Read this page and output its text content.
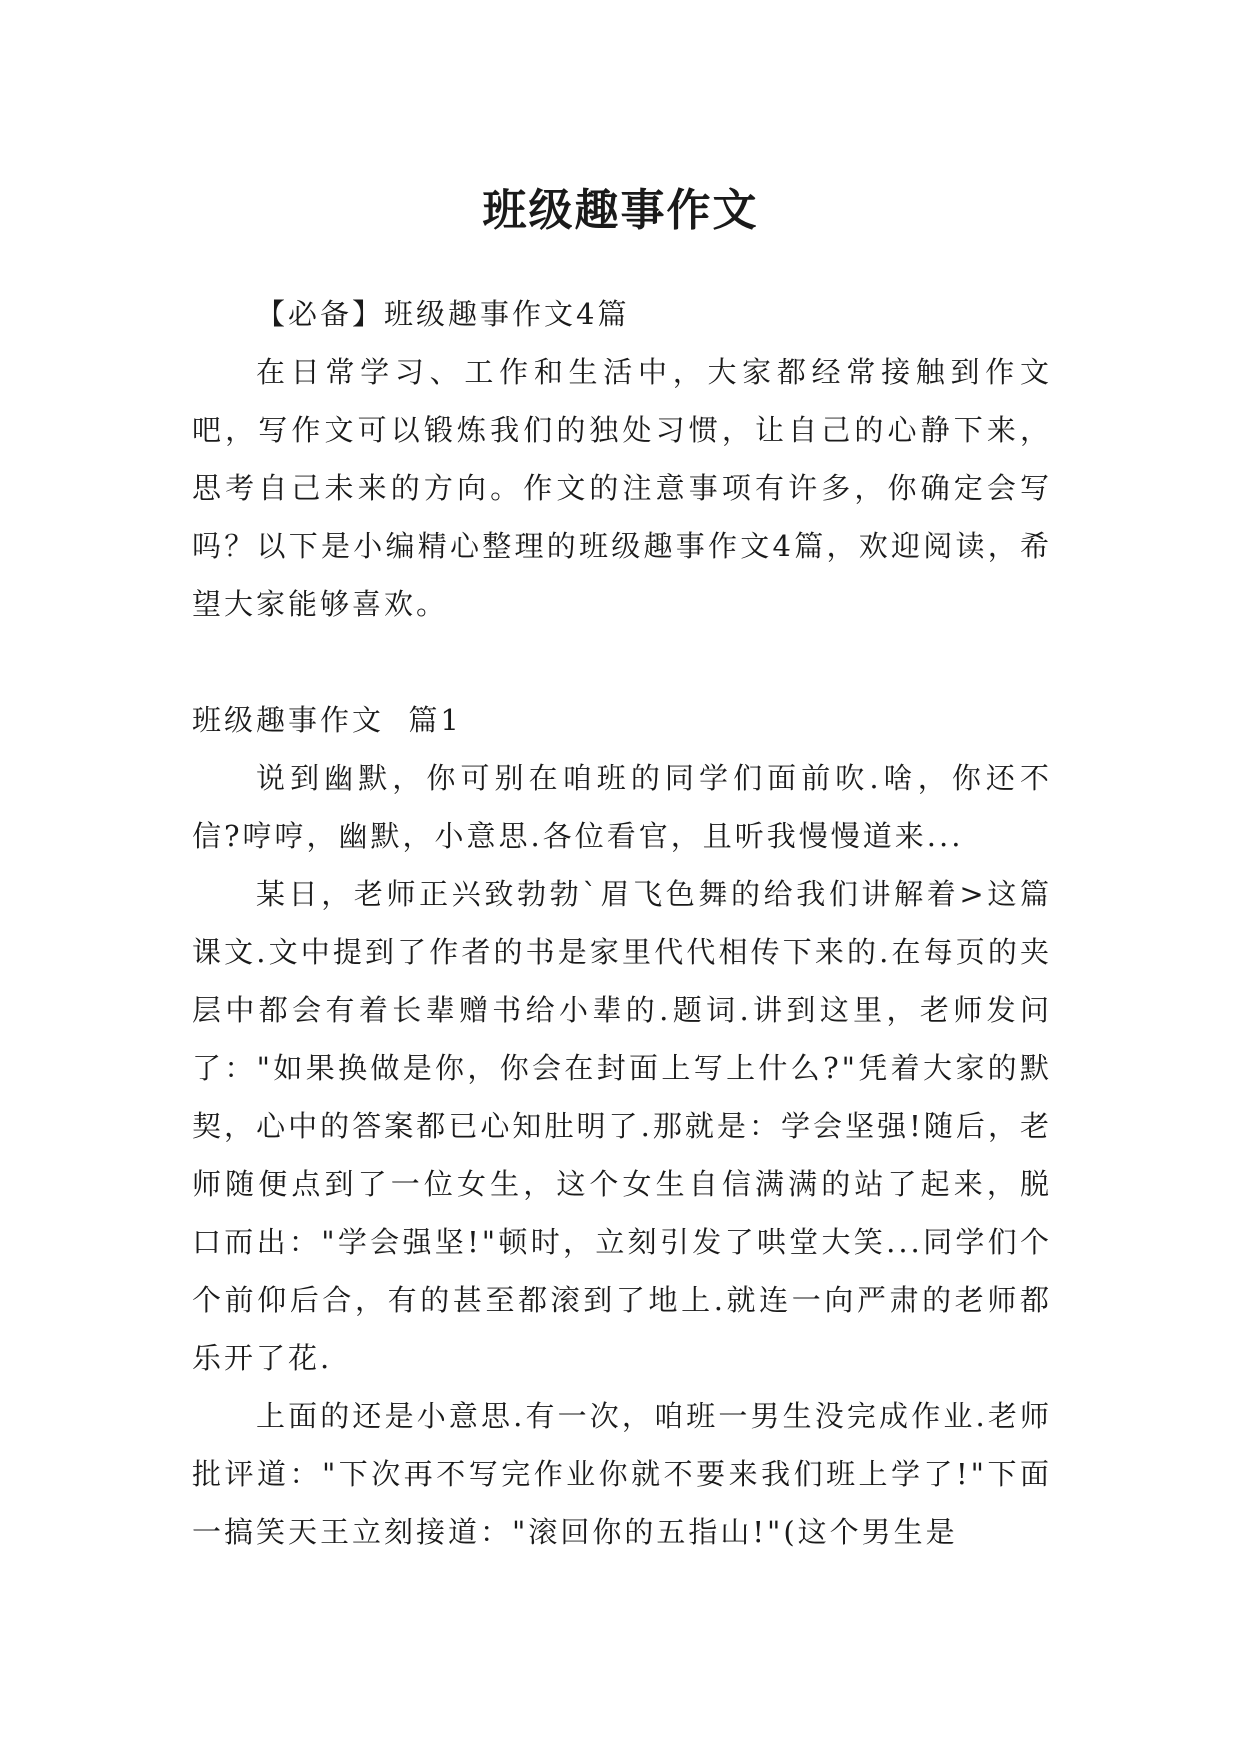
班级趣事作文

【必备】班级趣事作文4篇

在日常学习、工作和生活中，大家都经常接触到作文吧，写作文可以锻炼我们的独处习惯，让自己的心静下来，思考自己未来的方向。作文的注意事项有许多，你确定会写吗？以下是小编精心整理的班级趣事作文4篇，欢迎阅读，希望大家能够喜欢。

班级趣事作文  篇1

说到幽默，你可别在咱班的同学们面前吹.啥，你还不信?哼哼，幽默，小意思.各位看官，且听我慢慢道来...

某日，老师正兴致勃勃`眉飞色舞的给我们讲解着>这篇课文.文中提到了作者的书是家里代代相传下来的.在每页的夹层中都会有着长辈赠书给小辈的.题词.讲到这里，老师发问了："如果换做是你，你会在封面上写上什么?"凭着大家的默契，心中的答案都已心知肚明了.那就是：学会坚强!随后，老师随便点到了一位女生，这个女生自信满满的站了起来，脱口而出："学会强坚!"顿时，立刻引发了哄堂大笑...同学们个个前仰后合，有的甚至都滚到了地上.就连一向严肃的老师都乐开了花.

上面的还是小意思.有一次，咱班一男生没完成作业.老师批评道："下次再不写完作业你就不要来我们班上学了!"下面一搞笑天王立刻接道："滚回你的五指山!"(这个男生是
